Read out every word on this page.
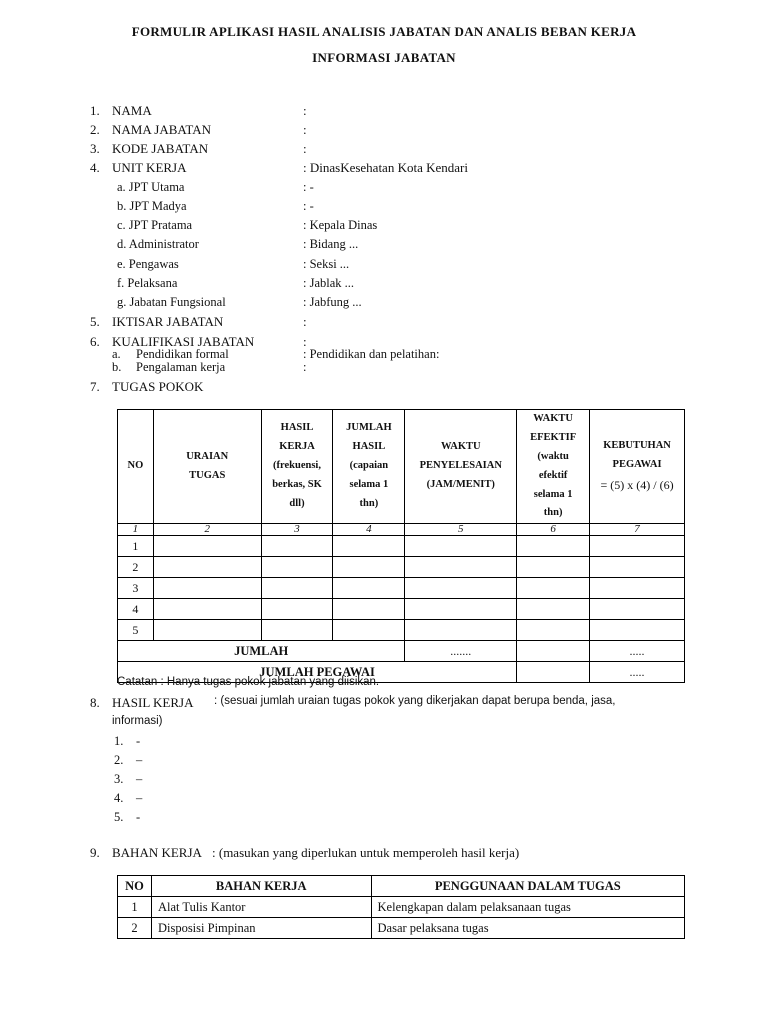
FORMULIR APLIKASI HASIL ANALISIS JABATAN DAN ANALIS BEBAN KERJA
INFORMASI JABATAN
1. NAMA	:
2. NAMA JABATAN	:
3. KODE JABATAN	:
4. UNIT KERJA	: DinasKesehatan Kota Kendari
a. JPT Utama	: -
b. JPT Madya	: -
c. JPT Pratama	: Kepala Dinas
d. Administrator	: Bidang ...
e. Pengawas	: Seksi ...
f. Pelaksana	: Jablak ...
g. Jabatan Fungsional	: Jabfung ...
5. IKTISAR JABATAN	:
6. KUALIFIKASI JABATAN	:
a. Pendidikan formal	: Pendidikan dan pelatihan:
b. Pengalaman kerja	:
7. TUGAS POKOK
NO	URAIAN TUGAS	HASIL KERJA (frekuensi, berkas, SK dll)	JUMLAH HASIL (capaian selama 1 thn)	WAKTU PENYELESAIAN (JAM/MENIT)	WAKTU EFEKTIF (waktu efektif selama 1 thn)	KEBUTUHAN PEGAWAI
= (5) x (4) / (6)

1	2	3	4	5	6	7
1						
2						
3						
4						
5						
JUMLAH				.......		.....
JUMLAH PEGAWAI						.....
Catatan : Hanya tugas pokok jabatan yang diisikan.
8. HASIL KERJA : (sesuai jumlah uraian tugas pokok yang dikerjakan dapat berupa benda, jasa,
informasi)
1. -
2. –
3. –
4. –
5. -
9. BAHAN KERJA : (masukan yang diperlukan untuk memperoleh hasil kerja)
NO	BAHAN KERJA	PENGGUNAAN DALAM TUGAS
1	Alat Tulis Kantor	Kelengkapan dalam pelaksanaan tugas
2	Disposisi Pimpinan	Dasar pelaksana tugas
